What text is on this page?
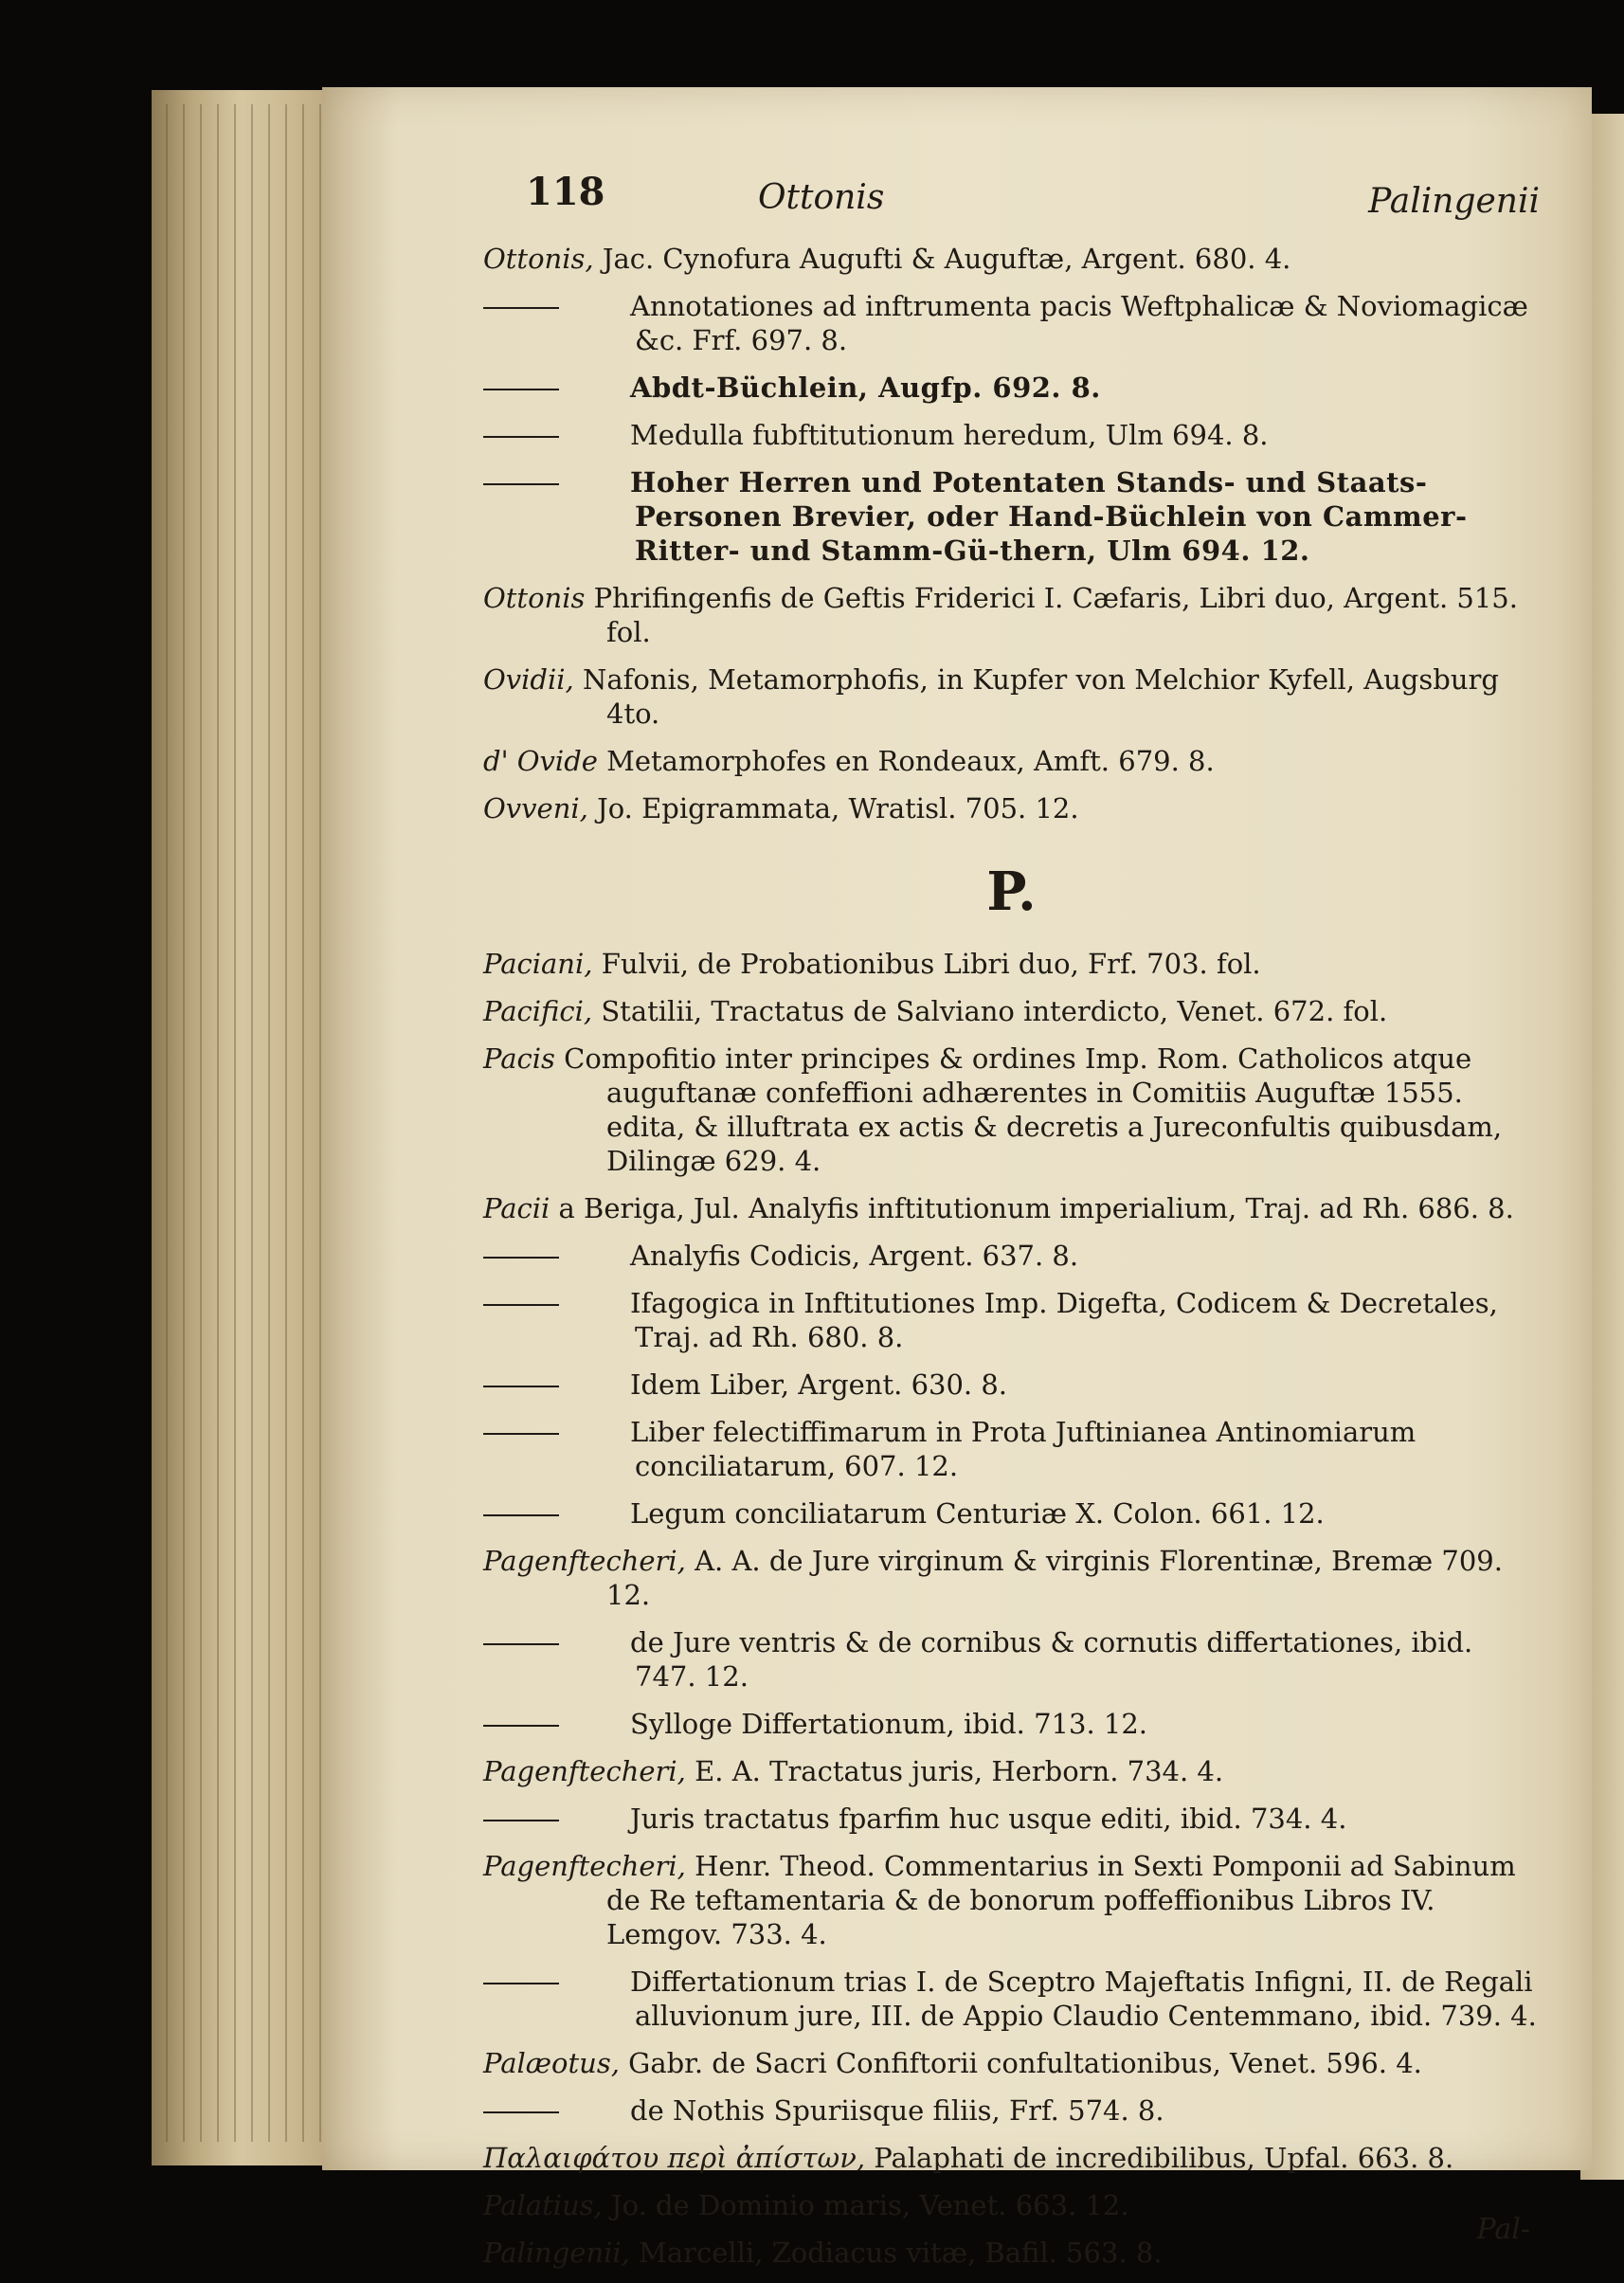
118	Ottonis	Palingenii
Ottonis, Jac. Cynofura Augufti & Auguftæ, Argent. 680. 4.
Annotationes ad inftrumenta pacis Weftphalicæ & Noviomagicæ &c. Frf. 697. 8.
Abdt-Büchlein, Augfp. 692. 8.
Medulla fubftitutionum heredum, Ulm 694. 8.
Hoher Herren und Potentaten Stands- und Staats-Personen Brevier, oder Hand-Büchlein von Cammer-Ritter- und Stamm-Gü-thern, Ulm 694. 12.
Ottonis Phrifingenfis de Geftis Friderici I. Cæfaris, Libri duo, Argent. 515. fol.
Ovidii, Nafonis, Metamorphofis, in Kupfer von Melchior Kyfell, Augsburg 4to.
d' Ovide Metamorphofes en Rondeaux, Amft. 679. 8.
Ovveni, Jo. Epigrammata, Wratisl. 705. 12.
P.
Paciani, Fulvii, de Probationibus Libri duo, Frf. 703. fol.
Pacifici, Statilii, Tractatus de Salviano interdicto, Venet. 672. fol.
Pacis Compofitio inter principes & ordines Imp. Rom. Catholicos atque auguftanæ confeffioni adhærentes in Comitiis Auguftæ 1555. edita, & illuftrata ex actis & decretis a Jureconfultis quibusdam, Dilingæ 629. 4.
Pacii a Beriga, Jul. Analyfis inftitutionum imperialium, Traj. ad Rh. 686. 8.
Analyfis Codicis, Argent. 637. 8.
Ifagogica in Inftitutiones Imp. Digefta, Codicem & Decretales, Traj. ad Rh. 680. 8.
Idem Liber, Argent. 630. 8.
Liber felectiffimarum in Prota Juftinianea Antinomiarum conciliatarum, 607. 12.
Legum conciliatarum Centuriæ X. Colon. 661. 12.
Pagenftecheri, A. A. de Jure virginum & virginis Florentinæ, Bremæ 709. 12.
de Jure ventris & de cornibus & cornutis differtationes, ibid. 747. 12.
Sylloge Differtationum, ibid. 713. 12.
Pagenftecheri, E. A. Tractatus juris, Herborn. 734. 4.
Juris tractatus fparfim huc usque editi, ibid. 734. 4.
Pagenftecheri, Henr. Theod. Commentarius in Sexti Pomponii ad Sabinum de Re teftamentaria & de bonorum poffeffionibus Libros IV. Lemgov. 733. 4.
Differtationum trias I. de Sceptro Majeftatis Infigni, II. de Regali alluvionum jure, III. de Appio Claudio Centemmano, ibid. 739. 4.
Palæotus, Gabr. de Sacri Confiftorii confultationibus, Venet. 596. 4.
de Nothis Spuriisque filiis, Frf. 574. 8.
Παλαιφάτου περὶ ἀπίστων, Palaphati de incredibilibus, Upfal. 663. 8.
Palatius, Jo. de Dominio maris, Venet. 663. 12.
Palingenii, Marcelli, Zodiacus vitæ, Bafil. 563. 8.
Pal-
